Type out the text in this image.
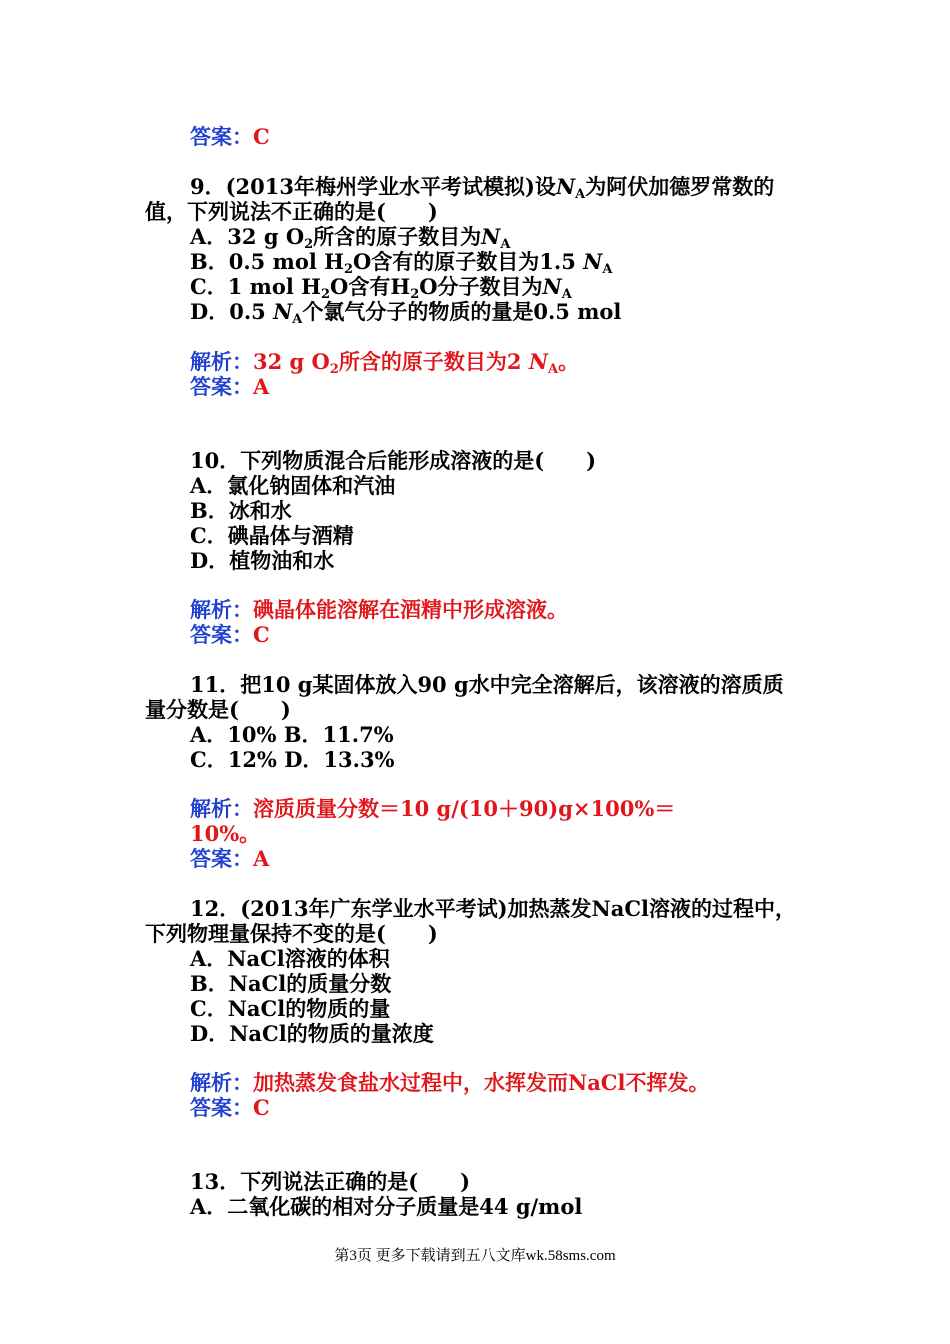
答案：C
9．(2013年梅州学业水平考试模拟)设NA为阿伏加德罗常数的
值，下列说法不正确的是(　　)
A．32 g O2所含的原子数目为NA
B．0.5 mol H2O含有的原子数目为1.5 NA
C．1 mol H2O含有H2O分子数目为NA
D．0.5 NA个氯气分子的物质的量是0.5 mol
解析：32 g O2所含的原子数目为2 NA。
答案：A
10．下列物质混合后能形成溶液的是(　　)
A．氯化钠固体和汽油
B．冰和水
C．碘晶体与酒精
D．植物油和水
解析：碘晶体能溶解在酒精中形成溶液。
答案：C
11．把10 g某固体放入90 g水中完全溶解后，该溶液的溶质质
量分数是(　　)
A．10% B．11.7%
C．12% D．13.3%
解析：溶质质量分数＝10 g/(10＋90)g×100%＝
10%。
答案：A
12．(2013年广东学业水平考试)加热蒸发NaCl溶液的过程中，
下列物理量保持不变的是(　　)
A．NaCl溶液的体积
B．NaCl的质量分数
C．NaCl的物质的量
D．NaCl的物质的量浓度
解析：加热蒸发食盐水过程中，水挥发而NaCl不挥发。
答案：C
13．下列说法正确的是(　　)
A．二氧化碳的相对分子质量是44 g/mol
第3页 更多下载请到五八文库wk.58sms.com
